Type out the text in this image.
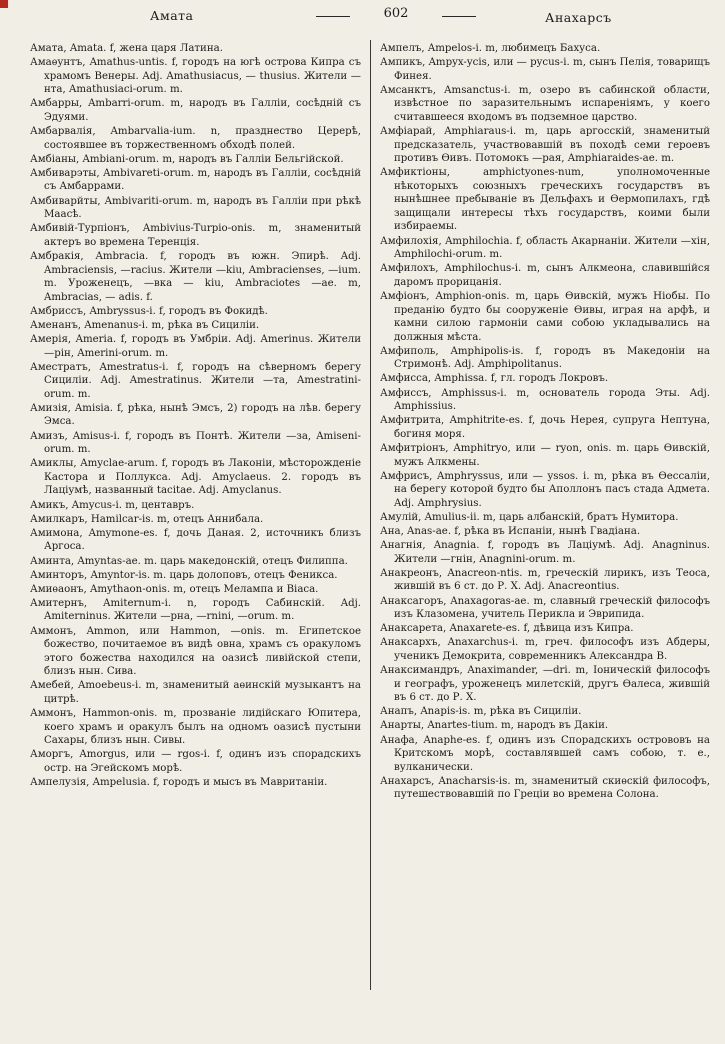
Амата	602	Анахарсъ

Амата, Amata. f, жена царя Латина.

Амаѳунтъ, Amathus-untis. f, городъ на югѣ острова Кипра съ храмомъ Венеры. Adj. Amathusiacus, — thusius. Жители — нта, Amathusiaci-orum. m.

Амбарры, Ambarri-orum. m, народъ въ Галліи, сосѣдній съ Эдуями.

Амбарвалія, Ambarvalia-ium. n, празднество Церерѣ, состоявшее въ торжественномъ обходѣ полей.

Амбіаны, Ambiani-orum. m, народъ въ Галліи Бельгійской.

Амбиварэты, Ambivareti-orum. m, народъ въ Галліи, сосѣдній съ Амбаррами.

Амбиварйты, Ambivariti-orum. m, народъ въ Галліи при рѣкѣ Маасѣ.

Амбивій-Турпіонъ, Ambivius-Turpio-onis. m, знаменитый актеръ во времена Теренція.

Амбракія, Ambracia. f, городъ въ южн. Эпирѣ. Adj. Ambraciensis, —racius. Жители —kiu, Ambracienses, —ium. m. Уроженецъ, —вка — kiu, Ambraciotes —ae. m, Ambracias, — adis. f.

Амбриссъ, Ambryssus-i. f, городъ въ Фокидѣ.

Аменанъ, Amenanus-i. m, рѣка въ Сициліи.

Амерія, Ameria. f, городъ въ Умбріи. Adj. Amerinus. Жители —рін, Amerini-orum. m.

Аместратъ, Amestratus-i. f, городъ на сѣверномъ берегу Сициліи. Adj. Amestratinus. Жители —та, Amestratini-orum. m.

Амизія, Amisia. f, рѣка, нынѣ Эмсъ, 2) городъ на лѣв. берегу Эмса.

Амизъ, Amisus-i. f, городъ въ Понтѣ. Жители —за, Amiseni-orum. m.

Амиклы, Amyclae-arum. f, городъ въ Лаконіи, мѣсторожденіе Кастора и Поллукса. Adj. Amyclaeus. 2. городъ въ Лаціумѣ, названный tacitae. Adj. Amyclanus.

Амикъ, Amycus-i. m, центавръ.

Амилкаръ, Hamilcar-is. m, отецъ Аннибала.

Амимона, Amymone-es. f, дочь Даная. 2, источникъ близъ Аргоса.

Аминта, Amyntas-ae. m. царь македонскій, отецъ Филиппа.

Аминторъ, Amyntor-is. m. царь долоповъ, отецъ Феникса.

Амиѳаонъ, Amythaon-onis. m, отецъ Мелампа и Віаса.

Амитернъ, Amiternum-i. n, городъ Сабинскій. Adj. Amiterninus. Жители —рна, —rnini, —orum. m.

Аммонъ, Ammon, или Hammon, —onis. m. Египетское божество, почитаемое въ видѣ овна, храмъ съ оракуломъ этого божества находился на оазисѣ ливійской степи, близъ нын. Сива.

Амебей, Amoebeus-i. m, знаменитый аѳинскій музыкантъ на цитрѣ.

Аммонъ, Hammon-onis. m, прозваніе лидійскаго Юпитера, коего храмъ и оракулъ былъ на одномъ оазисѣ пустыни Сахары, близъ нын. Сивы.

Аморгъ, Amorgus, или — rgos-i. f, одинъ изъ спорадскихъ остр. на Эгейскомъ морѣ.

Ампелузія, Ampelusia. f, городъ и мысъ въ Мавританіи.

Ампелъ, Ampelos-i. m, любимецъ Бахуса.

Ампикъ, Ampyx-ycis, или — pycus-i. m, сынъ Пелія, товарищъ Финея.

Амсанктъ, Amsanctus-i. m, озеро въ сабинской области, извѣстное по заразительнымъ испареніямъ, у коего считавшееся входомъ въ подземное царство.

Амфіарай, Amphiaraus-i. m, царь аргосскій, знаменитый предсказатель, участвовавшій въ походѣ семи героевъ противъ Ѳивъ. Потомокъ —рая, Amphiaraides-ae. m.

Амфиктіоны, amphictyones-num, уполномоченные нѣкоторыхъ союзныхъ греческихъ государствъ въ нынѣшнее пребываніе въ Дельфахъ и Ѳермопилахъ, гдѣ защищали интересы тѣхъ государствъ, коими были избираемы.

Амфилохія, Amphilochia. f, область Акарнаніи. Жители —хін, Amphilochi-orum. m.

Амфилохъ, Amphilochus-i. m, сынъ Алкмеона, славившійся даромъ прорицанія.

Амфіонъ, Amphion-onis. m, царь Ѳивскій, мужъ Ніобы. По преданію будто бы сооруженіе Ѳивы, играя на арфѣ, и камни силою гармоніи сами собою укладывались на должныя мѣста.

Амфиполь, Amphipolis-is. f, городъ въ Македоніи на Стримонѣ. Adj. Amphipolitanus.

Амфисса, Amphissa. f, гл. городъ Локровъ.

Амфиссъ, Amphissus-i. m, основатель города Эты. Adj. Amphissius.

Амфитрита, Amphitrite-es. f, дочь Нерея, супруга Нептуна, богиня моря.

Амфитріонъ, Amphitryo, или — ryon, onis. m. царь Ѳивскій, мужъ Алкмены.

Амфрисъ, Amphryssus, или — yssos. i. m, рѣка въ Ѳессаліи, на берегу которой будто бы Аполлонъ пасъ стада Адмета. Adj. Amphrysius.

Амулій, Amulius-ii. m, царь албанскій, братъ Нумитора.

Ана, Anas-ae. f, рѣка въ Испаніи, нынѣ Гвадіана.

Анагнія, Anagnia. f, городъ въ Лаціумѣ. Adj. Anagninus. Жители —гнін, Anagnini-orum. m.

Анакреонъ, Anacreon-ntis. m, греческій лирикъ, изъ Теоса, жившій въ 6 ст. до Р. Х. Adj. Anacreontius.

Анаксагоръ, Anaxagoras-ae. m, славный греческій философъ изъ Клазомена, учитель Перикла и Эврипида.

Анаксарета, Anaxarete-es. f, дѣвица изъ Кипра.

Анаксархъ, Anaxarchus-i. m, греч. философъ изъ Абдеры, ученикъ Демокрита, современникъ Александра В.

Анаксимандръ, Anaximander, —dri. m, Іоническій философъ и географъ, уроженецъ милетскій, другъ Ѳалеса, жившій въ 6 ст. до Р. Х.

Анапъ, Anapis-is. m, рѣка въ Сициліи.

Анарты, Anartes-tium. m, народъ въ Дакіи.

Анафа, Anaphe-es. f, одинъ изъ Спорадскихъ острововъ на Критскомъ морѣ, составлявшей самъ собою, т. е., вулканически.

Анахарсъ, Anacharsis-is. m, знаменитый скиѳскій философъ, путешествовавшій по Греціи во времена Солона.
